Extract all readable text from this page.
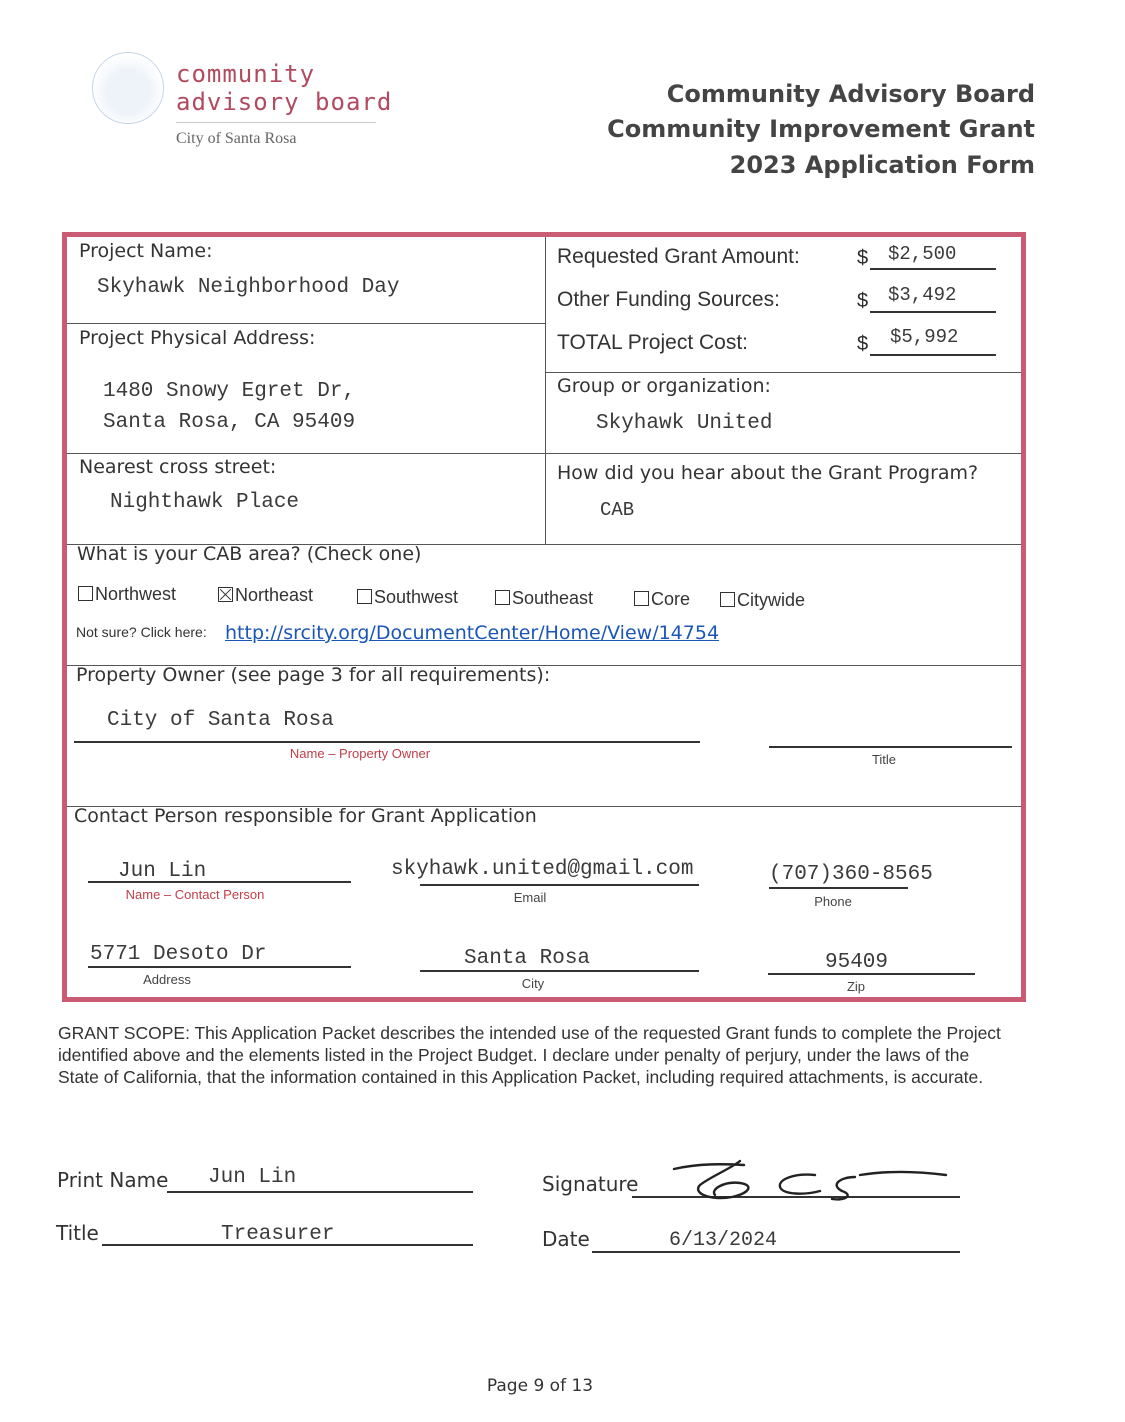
community
advisory board
City of Santa Rosa
Community Advisory Board
Community Improvement Grant
2023 Application Form
Project Name:
Skyhawk Neighborhood Day
Requested Grant Amount:	$ $2,500
Other Funding Sources:	$ $3,492
TOTAL Project Cost:	$ $5,992
Project Physical Address:
1480 Snowy Egret Dr,
Santa Rosa, CA 95409
Group or organization:
Skyhawk United
Nearest cross street:
Nighthawk Place
How did you hear about the Grant Program?
CAB
What is your CAB area? (Check one)
Northwest	Northeast	Southwest	Southeast	Core	Citywide
Not sure? Click here: http://srcity.org/DocumentCenter/Home/View/14754
Property Owner (see page 3 for all requirements):
City of Santa Rosa
Name – Property Owner	Title
Contact Person responsible for Grant Application
Jun Lin
Name – Contact Person
skyhawk.united@gmail.com
Email
(707)360-8565
Phone
5771 Desoto Dr
Address
Santa Rosa
City
95409
Zip
GRANT SCOPE: This Application Packet describes the intended use of the requested Grant funds to complete the Project identified above and the elements listed in the Project Budget. I declare under penalty of perjury, under the laws of the State of California, that the information contained in this Application Packet, including required attachments, is accurate.
Print Name Jun Lin
Title	Treasurer
Signature
Date	6/13/2024
Page 9 of 13
